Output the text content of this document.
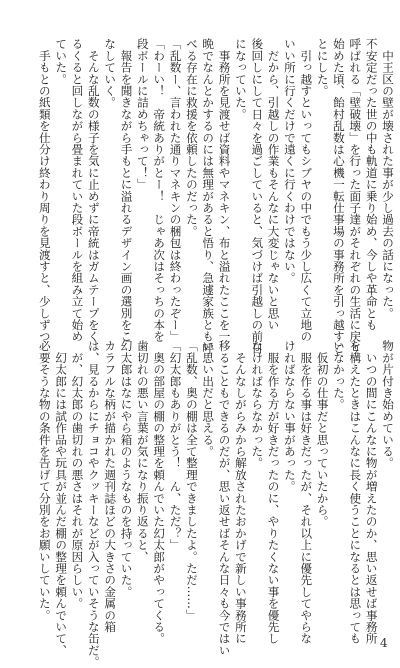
　中王区の壁が壊された事が少し過去の話になった。
不安定だった世の中も軌道に乗り始め、今しや革命とも
呼ばれる「壁破壊」を行った面子達がそれぞれの生活に戻り
始めた頃、飴村乱数は心機一転仕事場の事務所を引っ越すこ
とにした。
　引っ越すといってもシブヤの中でもう少し広くて立地の
いい所に行くだけで遠くに行くわけではない。
　だから、引越しの作業もそんなに大変じゃないと思い
後回しにして日々を過ごしていると、気づけば引越しの前日
になっていた。
　事務所を見渡せば資料やマネキン、布と溢れたここを一
晩でなんとかするのには無理があると悟り、急遽家族とも呼
べる存在に救援を依頼したのだった。
「乱数ー、言われた通りマネキンの梱包は終わったぞー」
「わーい！　帝統ありがとー！　じゃあ次はそっちの本を
段ボールに詰めちゃって！」
　報告を聞きながら手もとに溢れるデザイン画の選別をこ
なしていく。
　そんな乱数の様子を気に止めずに帝統はガムテープをく
るくると回しながら畳まれていた段ボールを組み立て始め
ていた。
　手もとの紙類を仕分け終わり周りを見渡すと、少しずつ
物が片付き始めている。
　いつの間にこんなに物が増えたのか、思い返せば事務所
を構えたときはこんなに長く使うことになるとは思っても
いなかった。
　仮初の仕事だと思っていたから。
　服を作る事は好きだったが、それ以上に優先してやらな
ければならない事があった。
　服を作る方が好きだったのに、やりたくない事を優先し
なければならなかった。
　そんなしがらみから解放されたおかげで新しい事務所に
移ることもできるのだが、思い返せばそんな日々も今ではい
い思い出だと思える。
「乱数、奥の棚は全て整理できましたよ。ただ……」
「幻太郎もありがとう！　ん、ただ？」
　奥の部屋の棚の整理を頼んでいた幻太郎がやってくる。
歯切れの悪い言葉が気になり振り返ると、
幻太郎はなにやら箱のようなものを持っていた。
カラフルな柄が描かれた週刊誌ほどの大きさの金属の箱
は、見るからにチョコやクッキーなどが入っていそうな缶だ。
　が、幻太郎の歯切れの悪さはそれが原因らしい。
　幻太郎には試作品や玩具が並んだ棚の整理を頼んでいて、
必要そうな物の条件を告げて分別をお願いしていた。
4
